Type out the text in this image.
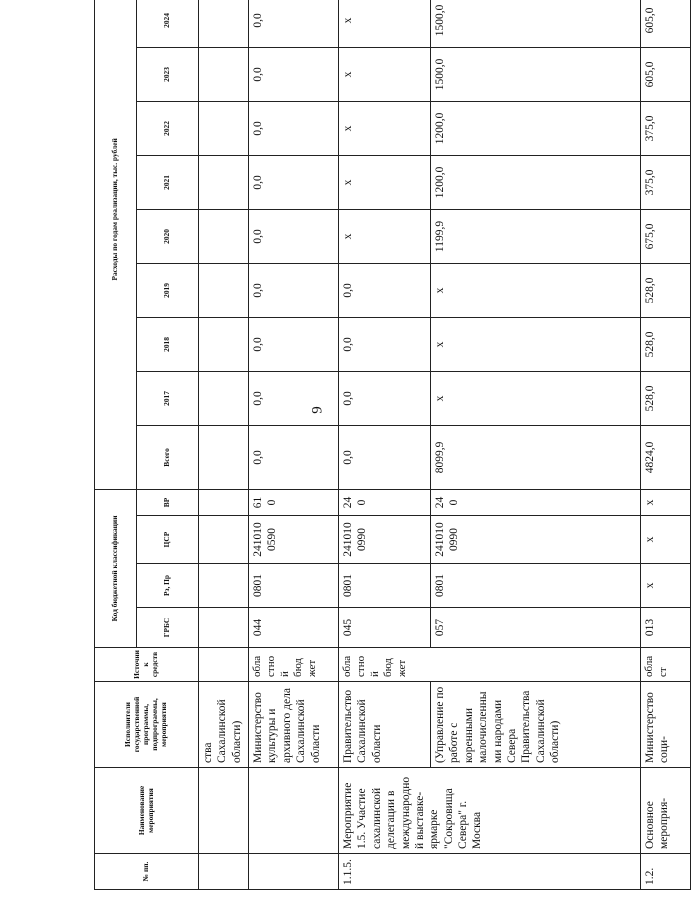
9
№ пп.	Наименование мероприятия	Исполнители государственной программы, подпрограммы, мероприятия	Источник средств	Код бюджетной классификации				Расходы по годам реализации, тыс. рублей									
				ГРБС	Рз, Пр	ЦСР	ВР	Всего	2017	2018	2019	2020	2021	2022	2023	2024	

		ства Сахалинской области)															
		Министерство культуры и архивного дела Сахалинской области	областной бюджет	044	0801	2410100590	610	0,0	0,0	0,0	0,0	0,0	0,0	0,0	0,0	0,0	
1.1.5.	Мероприятие 1.5. Участие сахалинской делегации в международной выставке-ярмарке "Сокровища Севера" г. Москва	Правительство Сахалинской области	областной бюджет	045	0801	2410100990	240	0,0	0,0	0,0	0,0	х	х	х	х	х	
		(Управление по работе с коренными малочисленными народами Севера Правительства Сахалинской области)		057	0801	2410100990	240	8099,9	х	х	х	1199,9	1200,0	1200,0	1500,0	1500,0	
1.2.	Основное мероприя-	Министерство соци-	област	013	х	х	х	4824,0	528,0	528,0	528,0	675,0	375,0	375,0	605,0	605,0	
